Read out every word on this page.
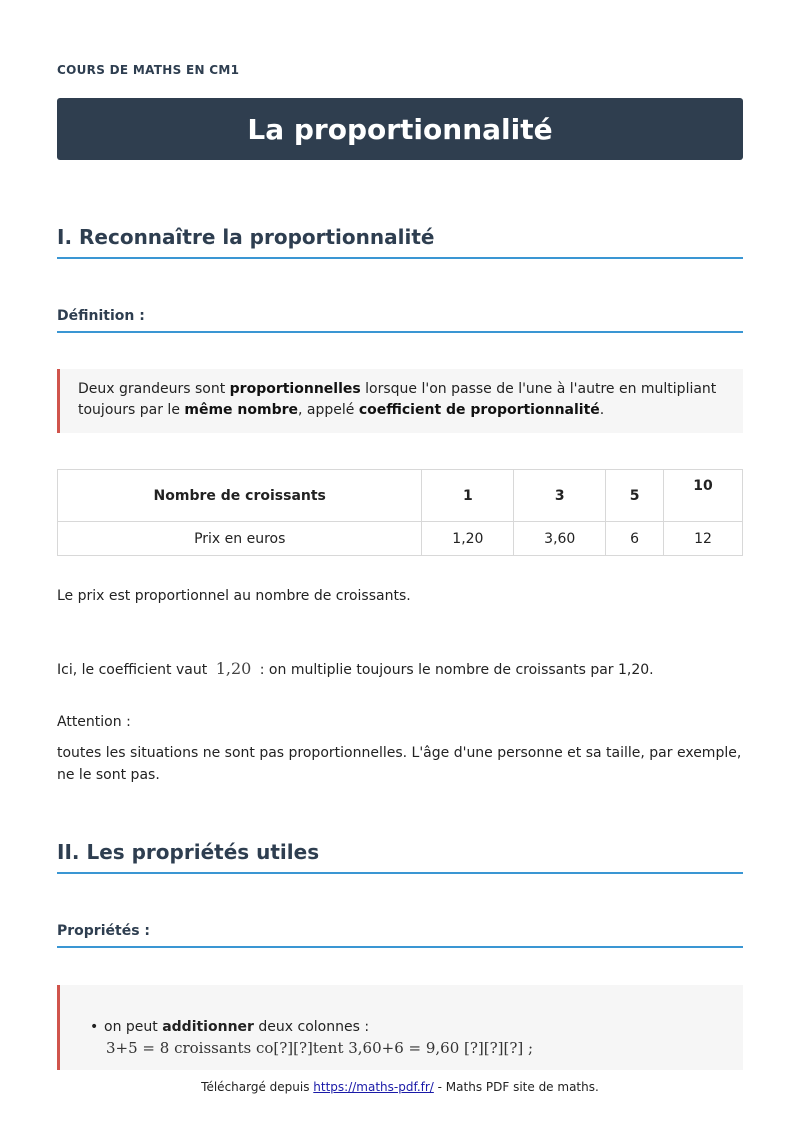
COURS DE MATHS EN CM1
La proportionnalité
I. Reconnaître la proportionnalité
Définition :
Deux grandeurs sont proportionnelles lorsque l'on passe de l'une à l'autre en multipliant toujours par le même nombre, appelé coefficient de proportionnalité.
Nombre de croissants	1	3	5	10
Prix en euros	1,20	3,60	6	12
Le prix est proportionnel au nombre de croissants.
Ici, le coefficient vaut 1,20 : on multiplie toujours le nombre de croissants par 1,20.
Attention :
toutes les situations ne sont pas proportionnelles. L'âge d'une personne et sa taille, par exemple, ne le sont pas.
II. Les propriétés utiles
Propriétés :
• on peut additionner deux colonnes :
3+5 = 8 croissants co[?][?]tent 3,60+6 = 9,60 [?][?][?] ;
Téléchargé depuis https://maths-pdf.fr/ - Maths PDF site de maths.
